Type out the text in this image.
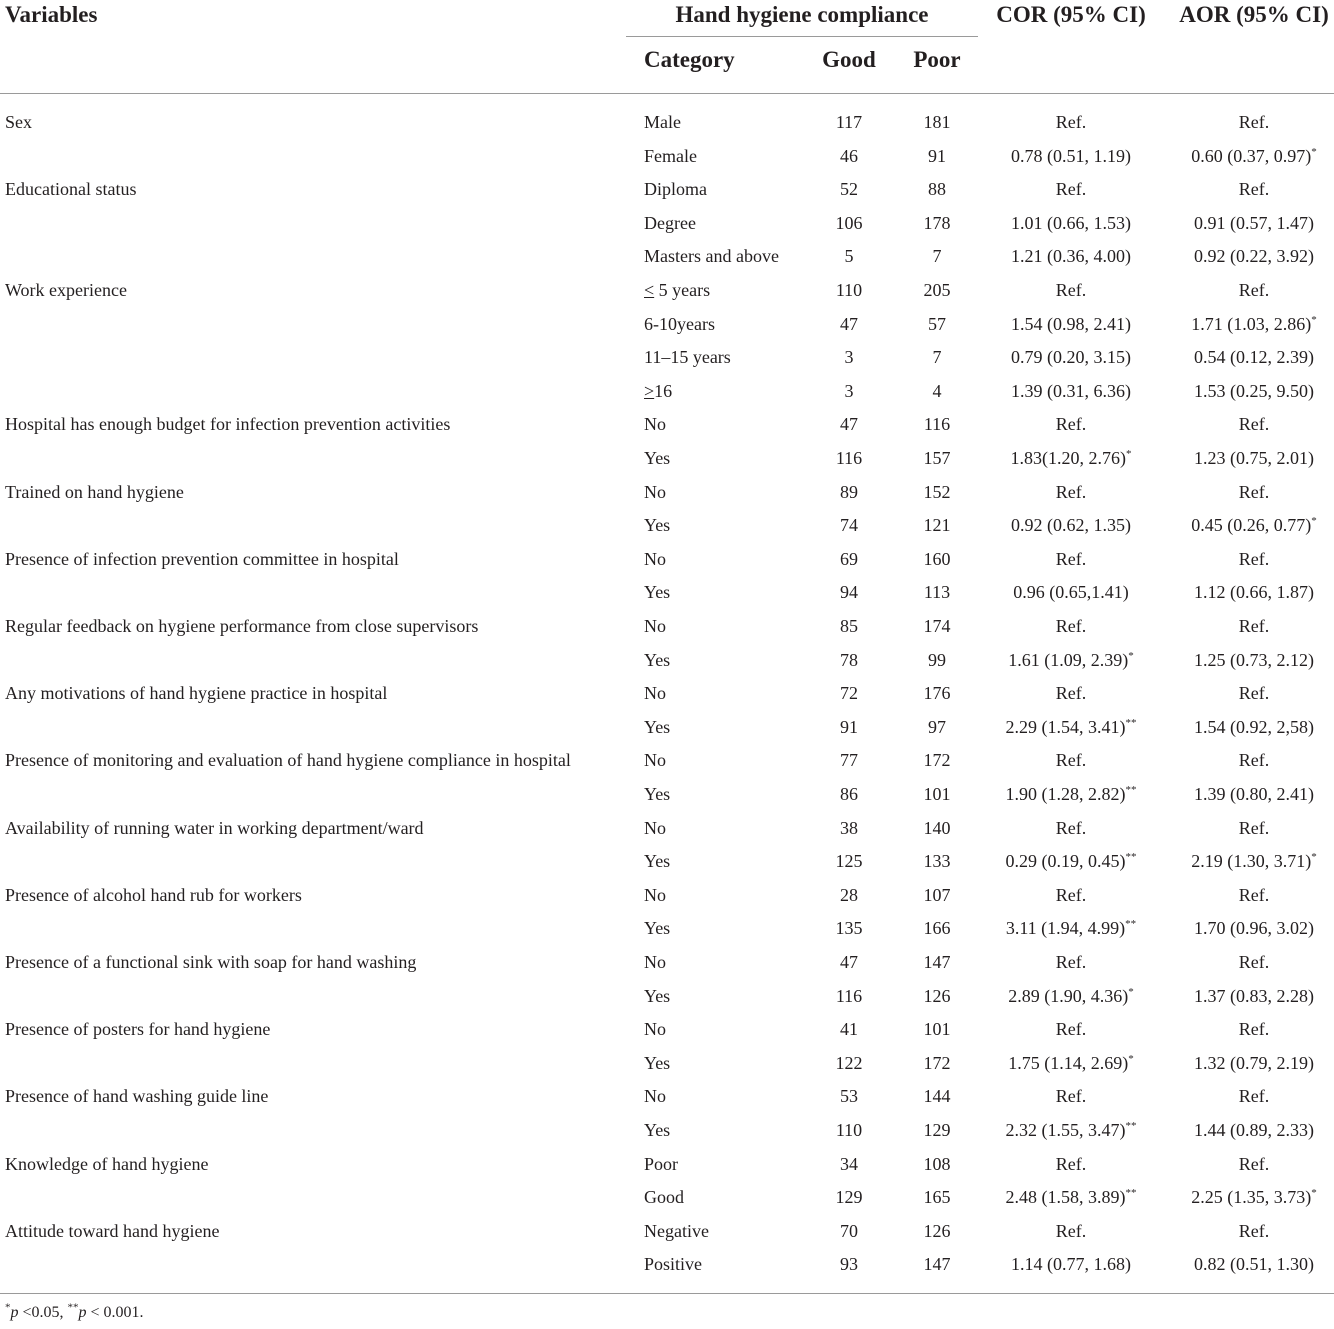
Variables	Hand hygiene compliance	COR (95% CI)	AOR (95% CI)
Category	Good	Poor
Sex	Male	117	181	Ref.	Ref.
Female	46	91	0.78 (0.51, 1.19)	0.60 (0.37, 0.97)*
Educational status	Diploma	52	88	Ref.	Ref.
Degree	106	178	1.01 (0.66, 1.53)	0.91 (0.57, 1.47)
Masters and above	5	7	1.21 (0.36, 4.00)	0.92 (0.22, 3.92)
Work experience	< 5 years	110	205	Ref.	Ref.
6-10years	47	57	1.54 (0.98, 2.41)	1.71 (1.03, 2.86)*
11–15 years	3	7	0.79 (0.20, 3.15)	0.54 (0.12, 2.39)
>16	3	4	1.39 (0.31, 6.36)	1.53 (0.25, 9.50)
Hospital has enough budget for infection prevention activities	No	47	116	Ref.	Ref.
Yes	116	157	1.83(1.20, 2.76)*	1.23 (0.75, 2.01)
Trained on hand hygiene	No	89	152	Ref.	Ref.
Yes	74	121	0.92 (0.62, 1.35)	0.45 (0.26, 0.77)*
Presence of infection prevention committee in hospital	No	69	160	Ref.	Ref.
Yes	94	113	0.96 (0.65,1.41)	1.12 (0.66, 1.87)
Regular feedback on hygiene performance from close supervisors	No	85	174	Ref.	Ref.
Yes	78	99	1.61 (1.09, 2.39)*	1.25 (0.73, 2.12)
Any motivations of hand hygiene practice in hospital	No	72	176	Ref.	Ref.
Yes	91	97	2.29 (1.54, 3.41)**	1.54 (0.92, 2,58)
Presence of monitoring and evaluation of hand hygiene compliance in hospital	No	77	172	Ref.	Ref.
Yes	86	101	1.90 (1.28, 2.82)**	1.39 (0.80, 2.41)
Availability of running water in working department/ward	No	38	140	Ref.	Ref.
Yes	125	133	0.29 (0.19, 0.45)**	2.19 (1.30, 3.71)*
Presence of alcohol hand rub for workers	No	28	107	Ref.	Ref.
Yes	135	166	3.11 (1.94, 4.99)**	1.70 (0.96, 3.02)
Presence of a functional sink with soap for hand washing	No	47	147	Ref.	Ref.
Yes	116	126	2.89 (1.90, 4.36)*	1.37 (0.83, 2.28)
Presence of posters for hand hygiene	No	41	101	Ref.	Ref.
Yes	122	172	1.75 (1.14, 2.69)*	1.32 (0.79, 2.19)
Presence of hand washing guide line	No	53	144	Ref.	Ref.
Yes	110	129	2.32 (1.55, 3.47)**	1.44 (0.89, 2.33)
Knowledge of hand hygiene	Poor	34	108	Ref.	Ref.
Good	129	165	2.48 (1.58, 3.89)**	2.25 (1.35, 3.73)*
Attitude toward hand hygiene	Negative	70	126	Ref.	Ref.
Positive	93	147	1.14 (0.77, 1.68)	0.82 (0.51, 1.30)
*p <0.05, **p < 0.001.
